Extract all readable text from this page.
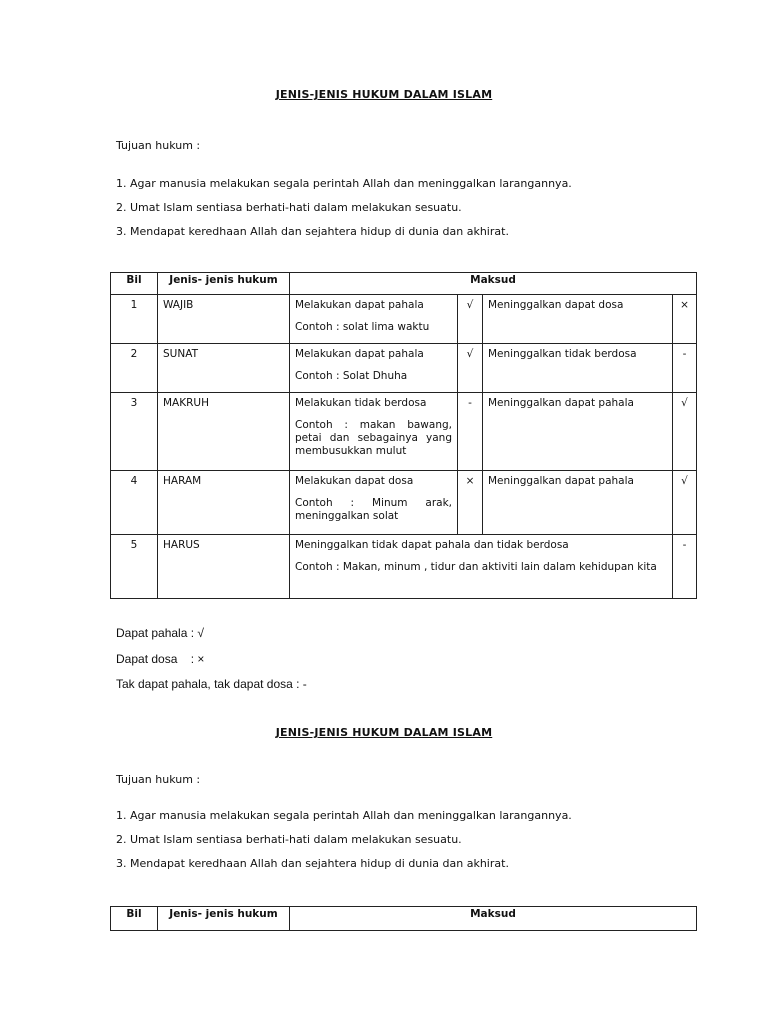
JENIS-JENIS HUKUM DALAM ISLAM
Tujuan hukum :
1. Agar manusia melakukan segala perintah Allah dan meninggalkan larangannya.
2. Umat Islam sentiasa berhati-hati dalam melakukan sesuatu.
3. Mendapat keredhaan Allah dan sejahtera hidup di dunia dan akhirat.
Bil	Jenis- jenis hukum	Maksud			
1	WAJIB	Melakukan dapat pahala
Contoh : solat lima waktu	√	Meninggalkan dapat dosa	×
2	SUNAT	Melakukan dapat pahala
Contoh : Solat Dhuha	√	Meninggalkan tidak berdosa	-
3	MAKRUH	Melakukan tidak berdosa
Contoh : makan bawang, petai dan sebagainya yang membusukkan mulut	-	Meninggalkan dapat pahala	√
4	HARAM	Melakukan dapat dosa
Contoh : Minum arak, meninggalkan solat	×	Meninggalkan dapat pahala	√
5	HARUS	Meninggalkan tidak dapat pahala dan tidak berdosa
Contoh : Makan, minum , tidur dan aktiviti lain dalam kehidupan kita			-
Dapat pahala : √
Dapat dosa    : ×
Tak dapat pahala, tak dapat dosa : -
JENIS-JENIS HUKUM DALAM ISLAM
Tujuan hukum :
1. Agar manusia melakukan segala perintah Allah dan meninggalkan larangannya.
2. Umat Islam sentiasa berhati-hati dalam melakukan sesuatu.
3. Mendapat keredhaan Allah dan sejahtera hidup di dunia dan akhirat.
Bil	Jenis- jenis hukum	Maksud
